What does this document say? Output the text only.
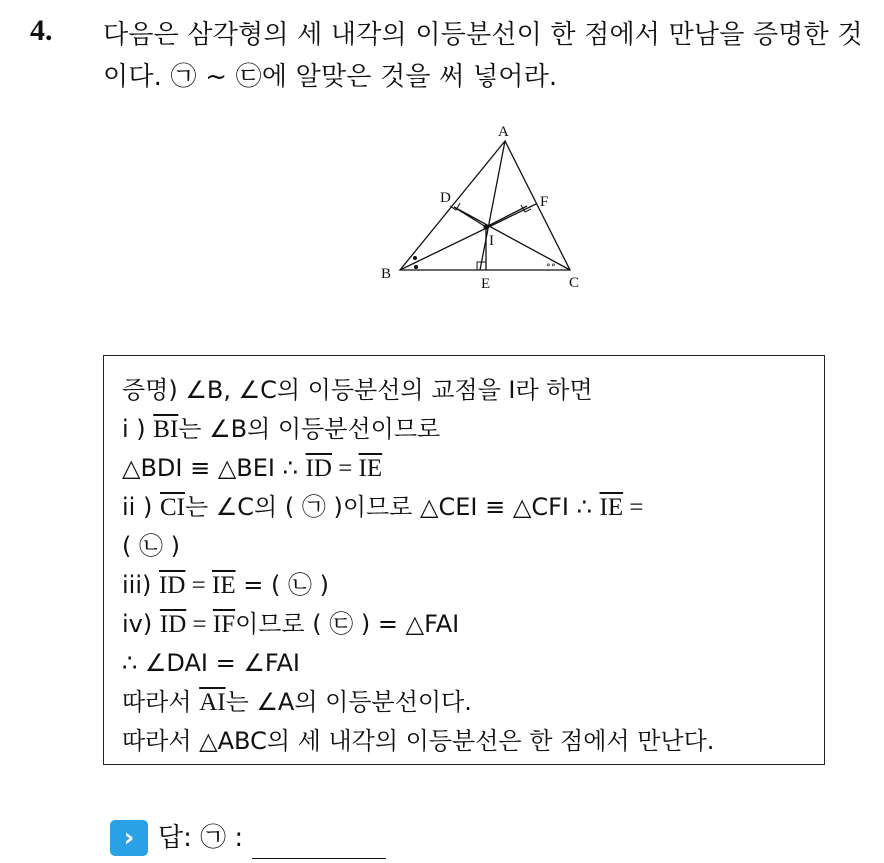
4. 다음은 삼각형의 세 내각의 이등분선이 한 점에서 만남을 증명한 것이다. ㉠ ~ ㉢에 알맞은 것을 써 넣어라.
∘∘
A
B
C
D
E
F
I
증명) ∠B, ∠C의 이등분선의 교점을 I라 하면
i ) $\overline{BI}$는 ∠B의 이등분선이므로
△BDI ≡ △BEI ∴ $\overline{ID} = \overline{IE}$
ii ) $\overline{CI}$는 ∠C의 ( ㉠ )이므로 △CEI ≡ △CFI ∴ $\overline{IE}$ =
( ㉡ )
iii) $\overline{ID} = \overline{IE}$ = ( ㉡ )
iv) $\overline{ID} = \overline{IF}$이므로 ( ㉢ ) = △FAI
∴ ∠DAI = ∠FAI
따라서 $\overline{AI}$는 ∠A의 이등분선이다.
따라서 △ABC의 세 내각의 이등분선은 한 점에서 만난다.
› 답: ㉠ :
